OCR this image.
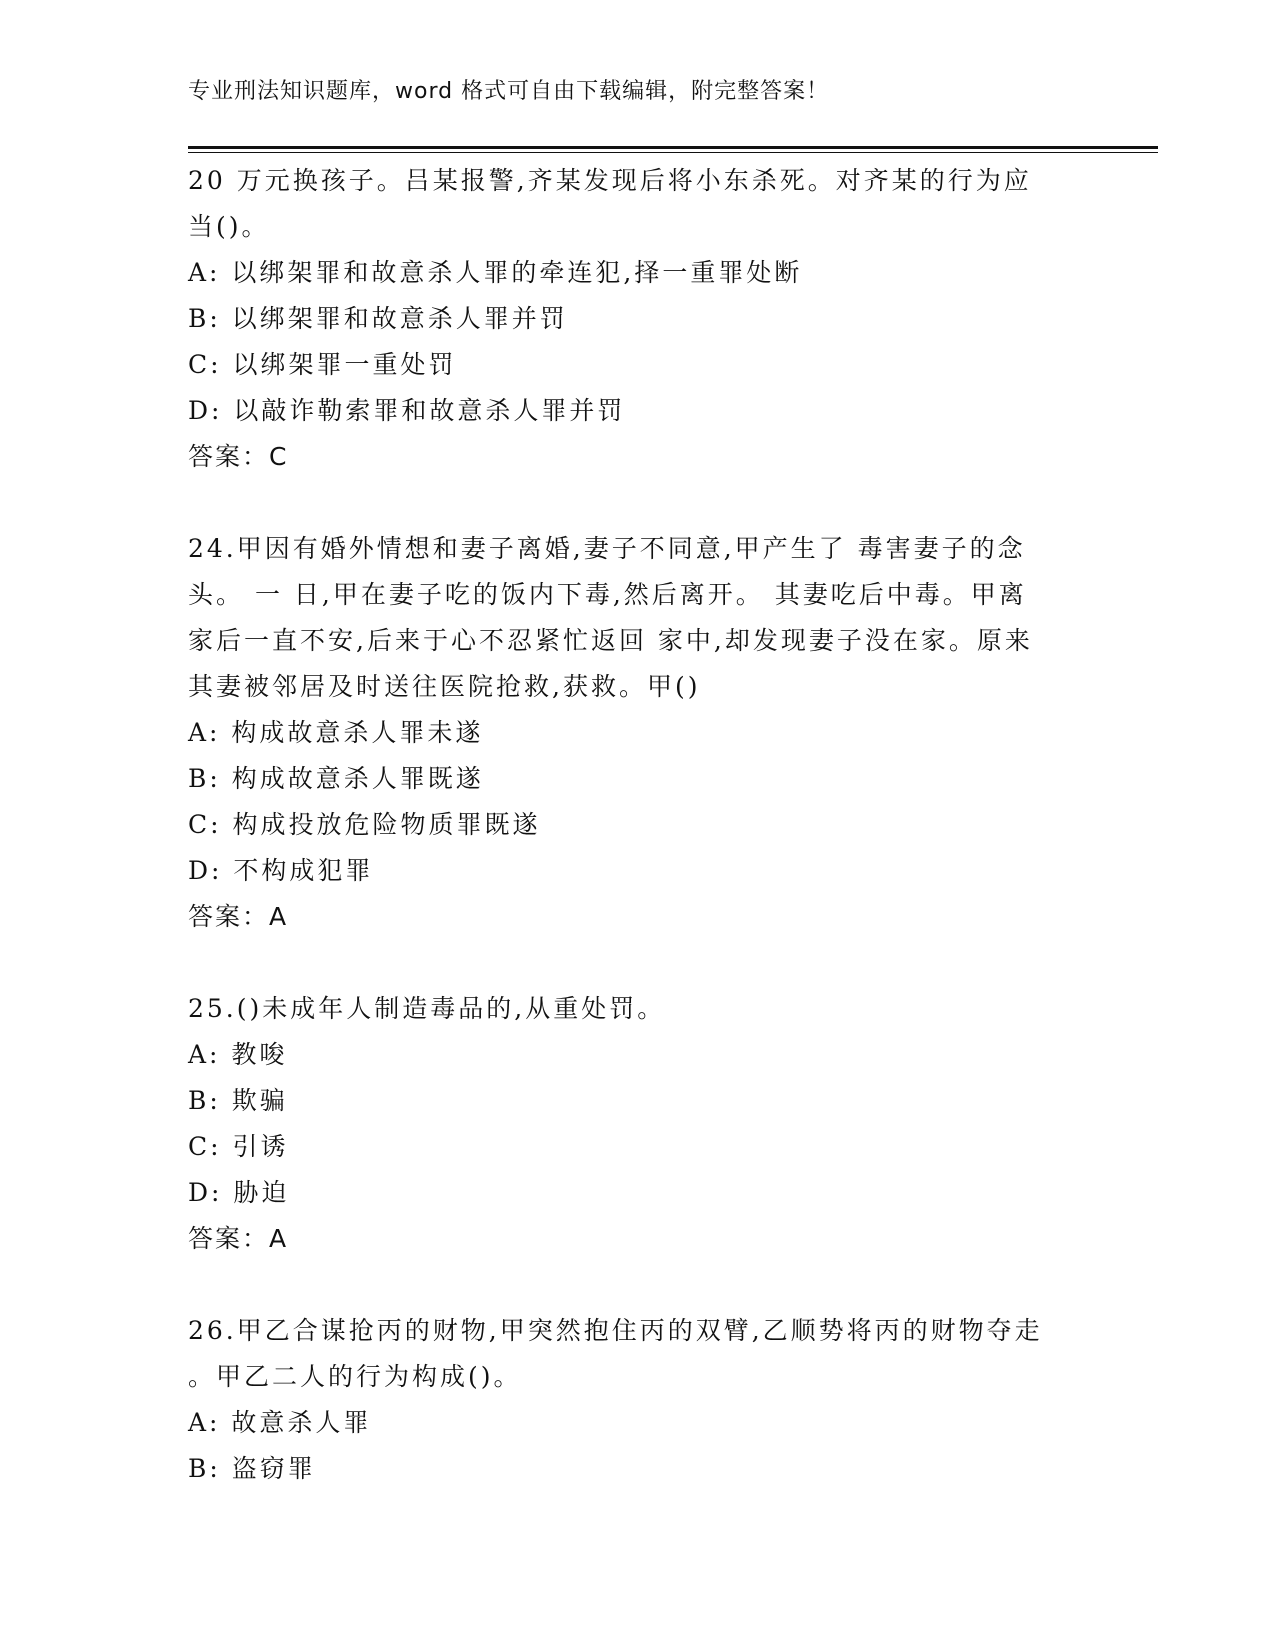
专业刑法知识题库，word 格式可自由下载编辑，附完整答案！
20 万元换孩子。吕某报警,齐某发现后将小东杀死。对齐某的行为应
当()。
A: 以绑架罪和故意杀人罪的牵连犯,择一重罪处断
B: 以绑架罪和故意杀人罪并罚
C: 以绑架罪一重处罚
D: 以敲诈勒索罪和故意杀人罪并罚
答案：C
24.甲因有婚外情想和妻子离婚,妻子不同意,甲产生了 毒害妻子的念
头。 一 日,甲在妻子吃的饭内下毒,然后离开。 其妻吃后中毒。甲离
家后一直不安,后来于心不忍紧忙返回 家中,却发现妻子没在家。原来
其妻被邻居及时送往医院抢救,获救。甲()
A: 构成故意杀人罪未遂
B: 构成故意杀人罪既遂
C: 构成投放危险物质罪既遂
D: 不构成犯罪
答案：A
25.()未成年人制造毒品的,从重处罚。
A: 教唆
B: 欺骗
C: 引诱
D: 胁迫
答案：A
26.甲乙合谋抢丙的财物,甲突然抱住丙的双臂,乙顺势将丙的财物夺走
。甲乙二人的行为构成()。
A: 故意杀人罪
B: 盗窃罪
